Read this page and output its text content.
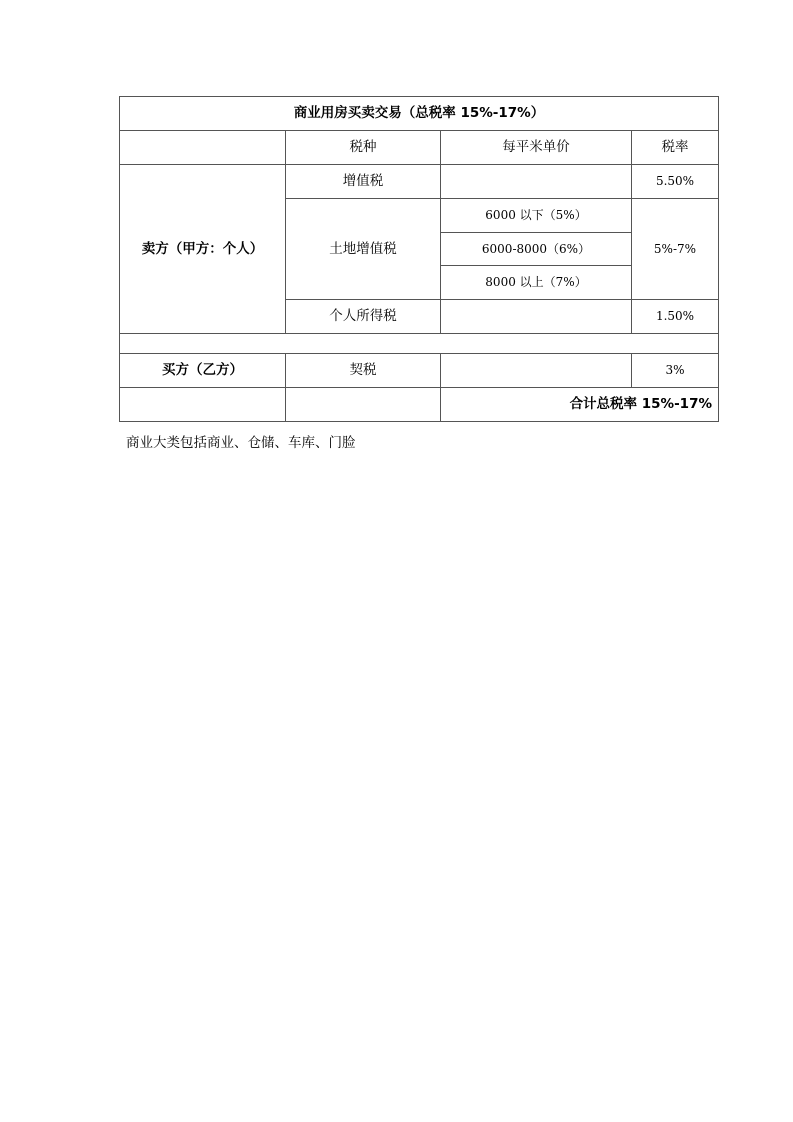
商业用房买卖交易（总税率 15%-17%）			
	税种	每平米单价	税率
卖方（甲方：个人）	增值税		5.50%
	土地增值税	6000 以下（5%）	5%-7%
		6000-8000（6%）	
		8000 以上（7%）	
	个人所得税		1.50%

买方（乙方）	契税		3%
		合计总税率 15%-17%	
商业大类包括商业、仓储、车库、门脸
